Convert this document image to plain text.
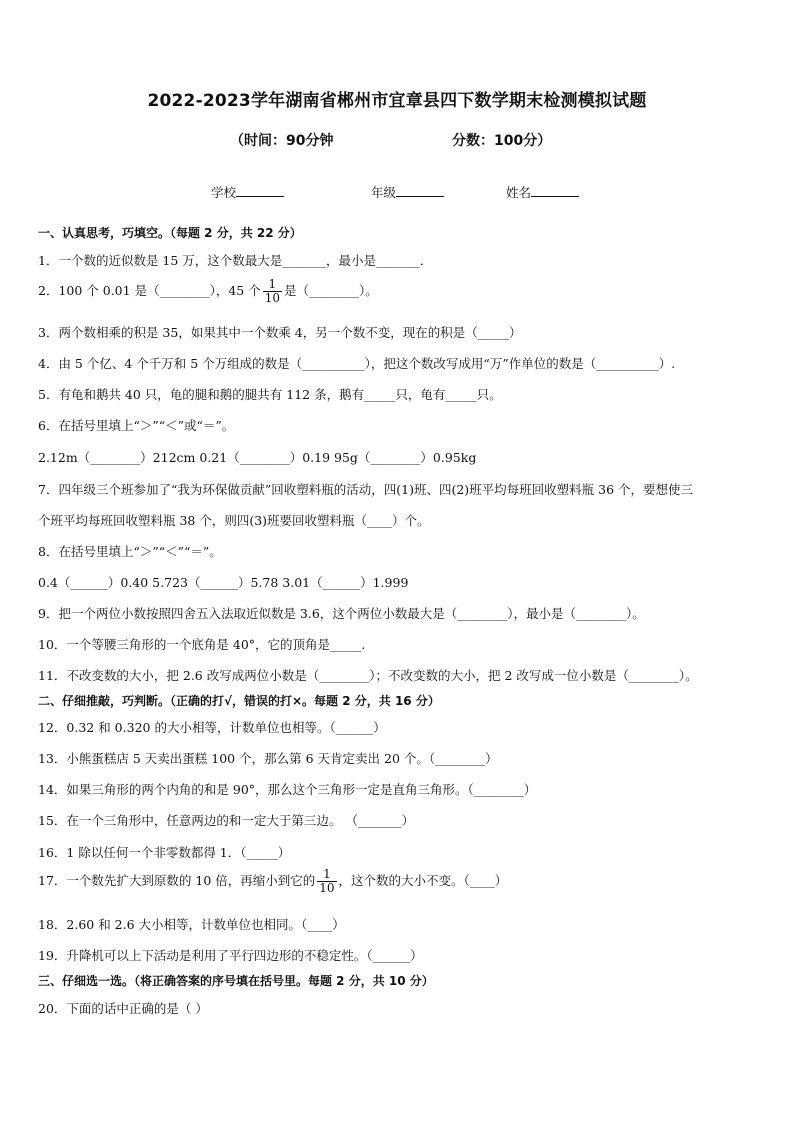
2022-2023学年湖南省郴州市宜章县四下数学期末检测模拟试题
（时间：90分钟	分数：100分）
学校	年级	姓名
一、认真思考，巧填空。（每题 2 分，共 22 分）
1．一个数的近似数是 15 万，这个数最大是_______，最小是_______．
2．100 个 0.01 是（________），45 个 $\frac{1}{10}$ 是（________）。
3．两个数相乘的积是 35，如果其中一个数乘 4，另一个数不变，现在的积是（_____）
4．由 5 个亿、4 个千万和 5 个万组成的数是（__________），把这个数改写成用“万”作单位的数是（__________）.
5．有龟和鹅共 40 只，龟的腿和鹅的腿共有 112 条，鹅有_____只，龟有_____只。
6．在括号里填上“＞”“＜”或“＝”。
2.12m（________）212cm 0.21（________）0.19 95g（________）0.95kg
7．四年级三个班参加了“我为环保做贡献”回收塑料瓶的活动，四(1)班、四(2)班平均每班回收塑料瓶 36 个，要想使三
个班平均每班回收塑料瓶 38 个，则四(3)班要回收塑料瓶（____）个。
8．在括号里填上“＞”“＜”“＝”。
0.4（______）0.40 5.723（______）5.78 3.01（______）1.999
9．把一个两位小数按照四舍五入法取近似数是 3.6，这个两位小数最大是（________），最小是（________）。
10．一个等腰三角形的一个底角是 40°，它的顶角是_____.
11．不改变数的大小，把 2.6 改写成两位小数是（________）；不改变数的大小，把 2 改写成一位小数是（________）。
二、仔细推敲，巧判断。（正确的打√，错误的打×。每题 2 分，共 16 分）
12．0.32 和 0.320 的大小相等，计数单位也相等。（______）
13．小熊蛋糕店 5 天卖出蛋糕 100 个，那么第 6 天肯定卖出 20 个。（________）
14．如果三角形的两个内角的和是 90°，那么这个三角形一定是直角三角形。（________）
15．在一个三角形中，任意两边的和一定大于第三边。 （_______）
16．1 除以任何一个非零数都得 1．（_____）
17．一个数先扩大到原数的 10 倍，再缩小到它的 $\frac{1}{10}$ ，这个数的大小不变。（____）
18．2.60 和 2.6 大小相等，计数单位也相同。（____）
19．升降机可以上下活动是利用了平行四边形的不稳定性。（______）
三、仔细选一选。（将正确答案的序号填在括号里。每题 2 分，共 10 分）
20．下面的话中正确的是（ ）
